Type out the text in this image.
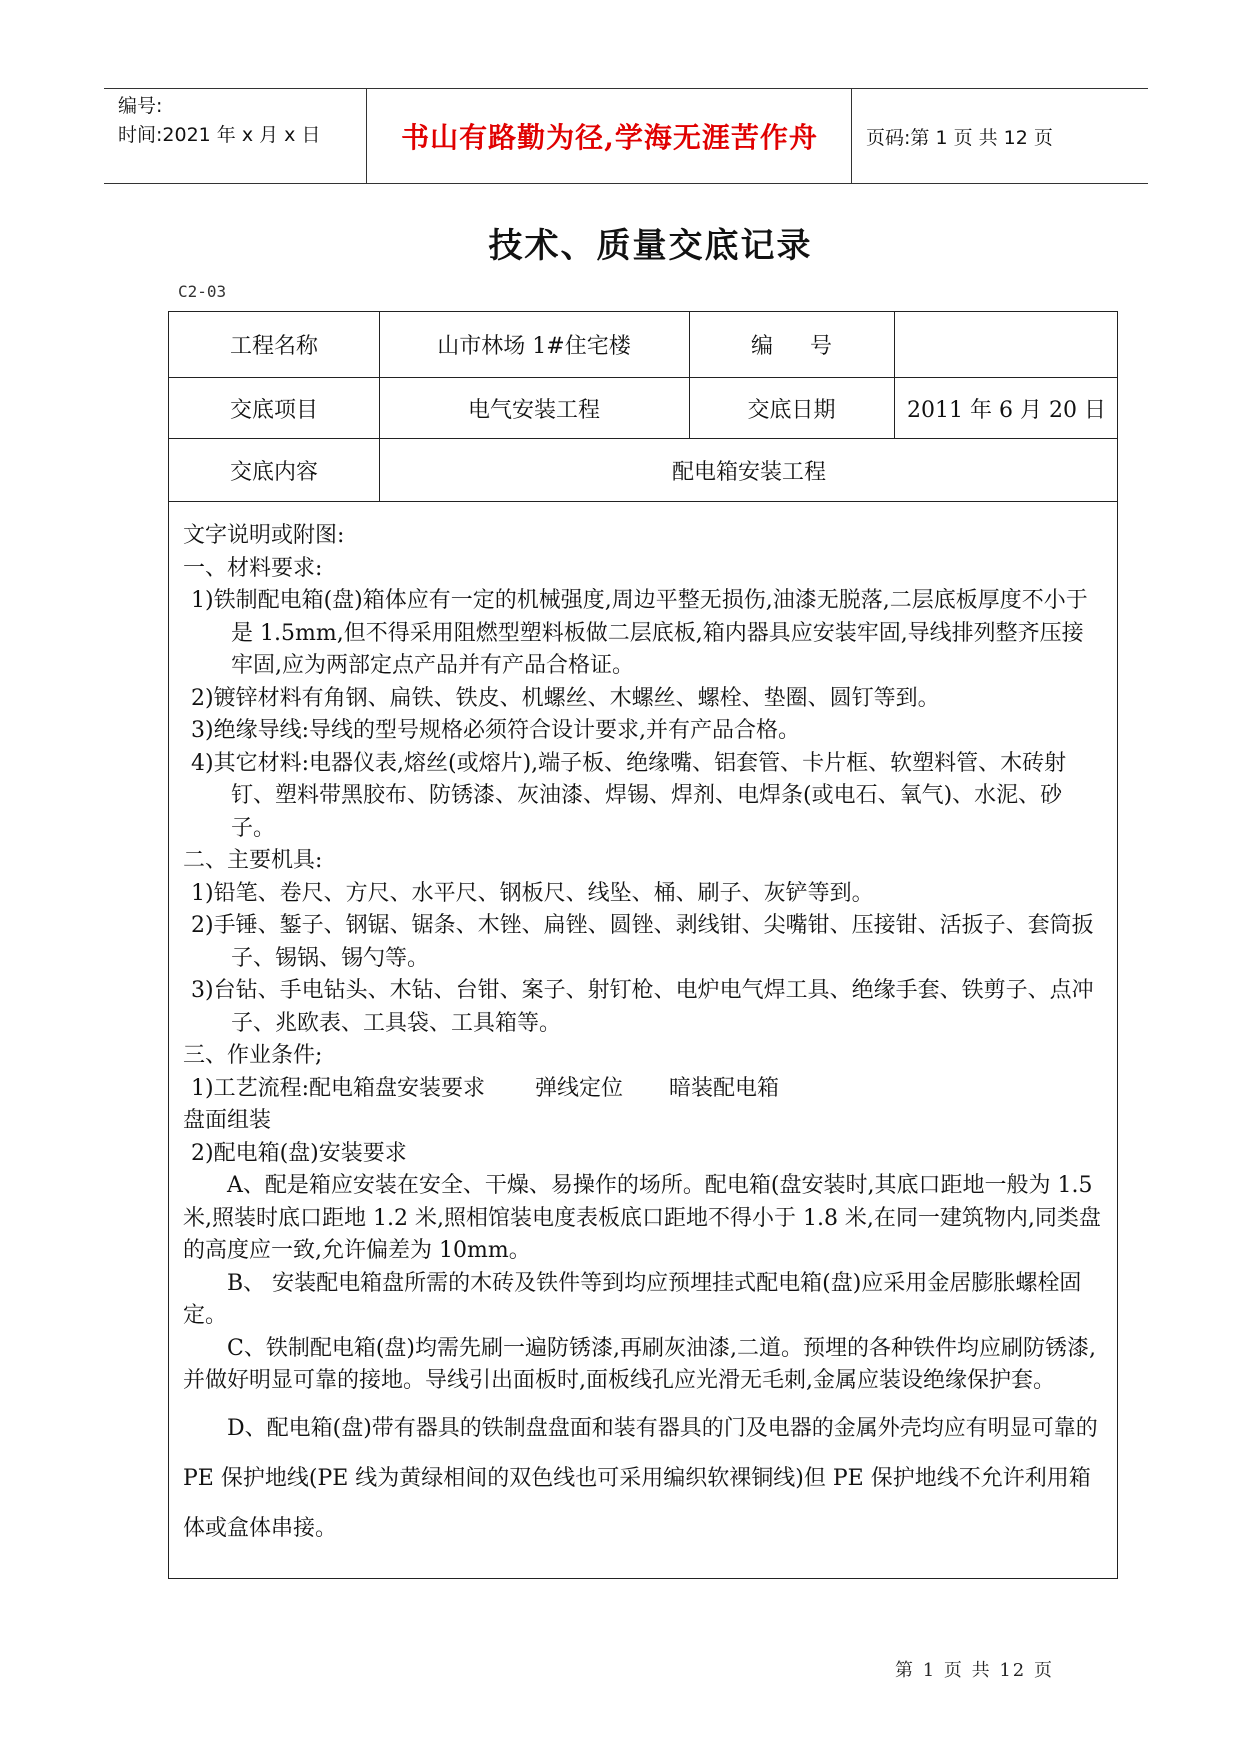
编号:
时间:2021 年 x 月 x 日	书山有路勤为径,学海无涯苦作舟	页码:第 1 页 共 12 页
技术、质量交底记录
C2-03
工程名称	山市林场 1#住宅楼	编 号
交底项目	电气安装工程	交底日期	2011 年 6 月 20 日
交底内容	配电箱安装工程

文字说明或附图:

一、材料要求:

1)铁制配电箱(盘)箱体应有一定的机械强度,周边平整无损伤,油漆无脱落,二层底板厚度不小于是 1.5mm,但不得采用阻燃型塑料板做二层底板,箱内器具应安装牢固,导线排列整齐压接牢固,应为两部定点产品并有产品合格证。

2)镀锌材料有角钢、扁铁、铁皮、机螺丝、木螺丝、螺栓、垫圈、圆钉等到。

3)绝缘导线:导线的型号规格必须符合设计要求,并有产品合格。

4)其它材料:电器仪表,熔丝(或熔片),端子板、绝缘嘴、铝套管、卡片框、软塑料管、木砖射钉、塑料带黑胶布、防锈漆、灰油漆、焊锡、焊剂、电焊条(或电石、氧气)、水泥、砂子。

二、主要机具:

1)铅笔、卷尺、方尺、水平尺、钢板尺、线坠、桶、刷子、灰铲等到。

2)手锤、錾子、钢锯、锯条、木锉、扁锉、圆锉、剥线钳、尖嘴钳、压接钳、活扳子、套筒扳子、锡锅、锡勺等。

3)台钻、手电钻头、木钻、台钳、案子、射钉枪、电炉电气焊工具、绝缘手套、铁剪子、点冲子、兆欧表、工具袋、工具箱等。

三、作业条件;

1)工艺流程:配电箱盘安装要求 弹线定位 暗装配电箱

盘面组装

2)配电箱(盘)安装要求

A、配是箱应安装在安全、干燥、易操作的场所。配电箱(盘安装时,其底口距地一般为 1.5 米,照装时底口距地 1.2 米,照相馆装电度表板底口距地不得小于 1.8 米,在同一建筑物内,同类盘的高度应一致,允许偏差为 10mm。

B、 安装配电箱盘所需的木砖及铁件等到均应预埋挂式配电箱(盘)应采用金居膨胀螺栓固定。

C、铁制配电箱(盘)均需先刷一遍防锈漆,再刷灰油漆,二道。预埋的各种铁件均应刷防锈漆,并做好明显可靠的接地。导线引出面板时,面板线孔应光滑无毛刺,金属应装设绝缘保护套。

D、配电箱(盘)带有器具的铁制盘盘面和装有器具的门及电器的金属外壳均应有明显可靠的 PE 保护地线(PE 线为黄绿相间的双色线也可采用编织软裸铜线)但 PE 保护地线不允许利用箱体或盒体串接。

第 1 页 共 12 页
